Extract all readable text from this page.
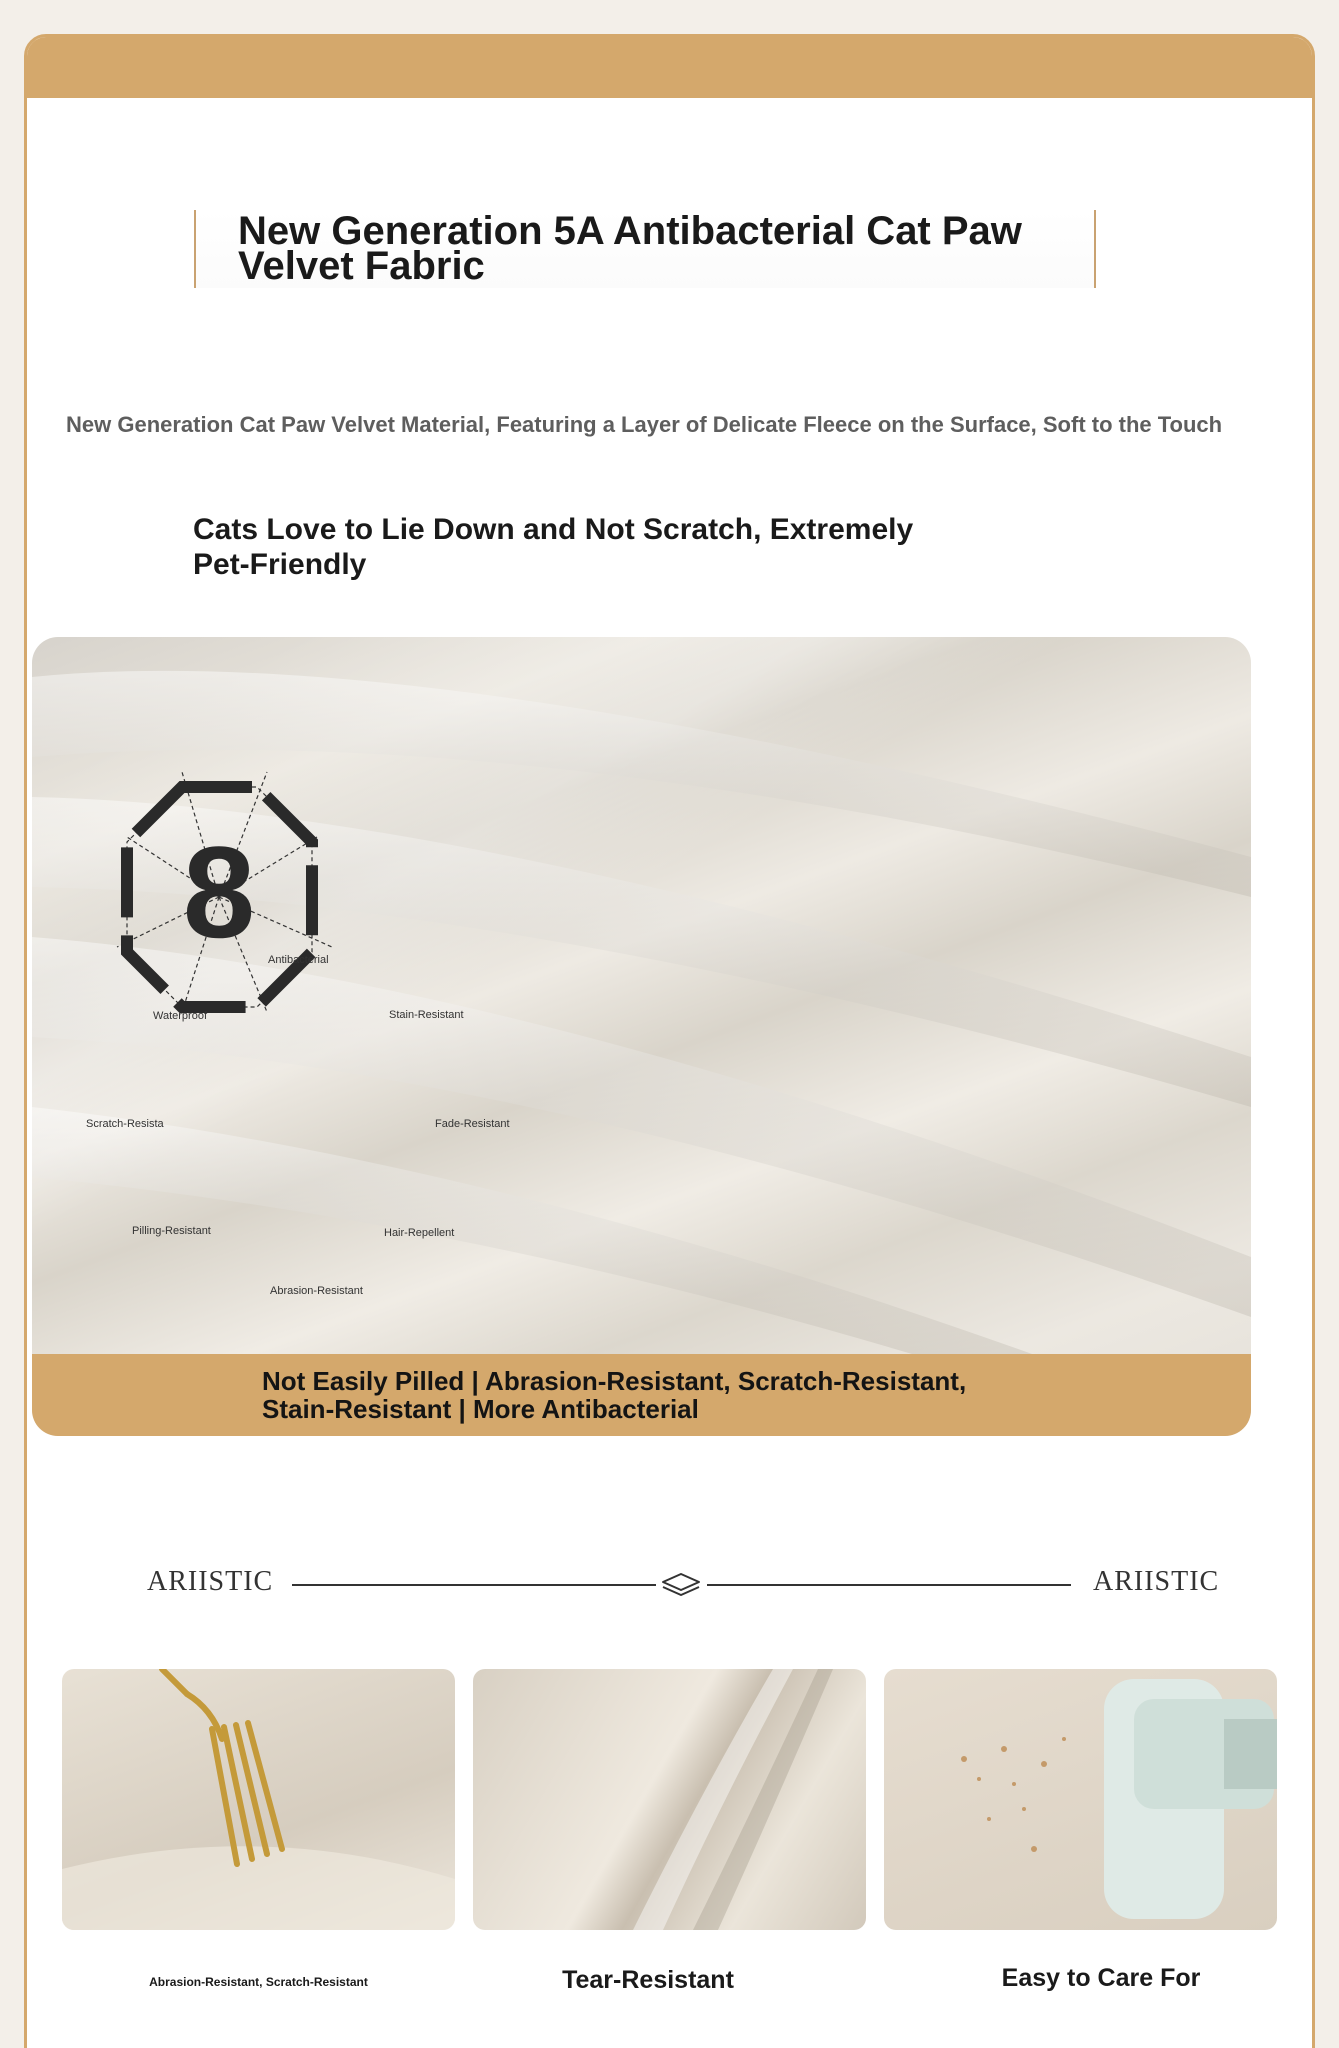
New Generation 5A Antibacterial Cat Paw Velvet Fabric
New Generation Cat Paw Velvet Material, Featuring a Layer of Delicate Fleece on the Surface, Soft to the Touch
Cats Love to Lie Down and Not Scratch, Extremely Pet-Friendly
8 Antibacterial
Stain-Resistant
Fade-Resistant
Hair-Repellent
Abrasion-Resistant
Pilling-Resistant
Scratch-Resista
Waterproof

Not Easily Pilled | Abrasion-Resistant, Scratch-Resistant, Stain-Resistant | More Antibacterial

ARIISTIC	ARIISTIC
Abrasion-Resistant, Scratch-Resistant	Tear-Resistant	Easy to Care For
